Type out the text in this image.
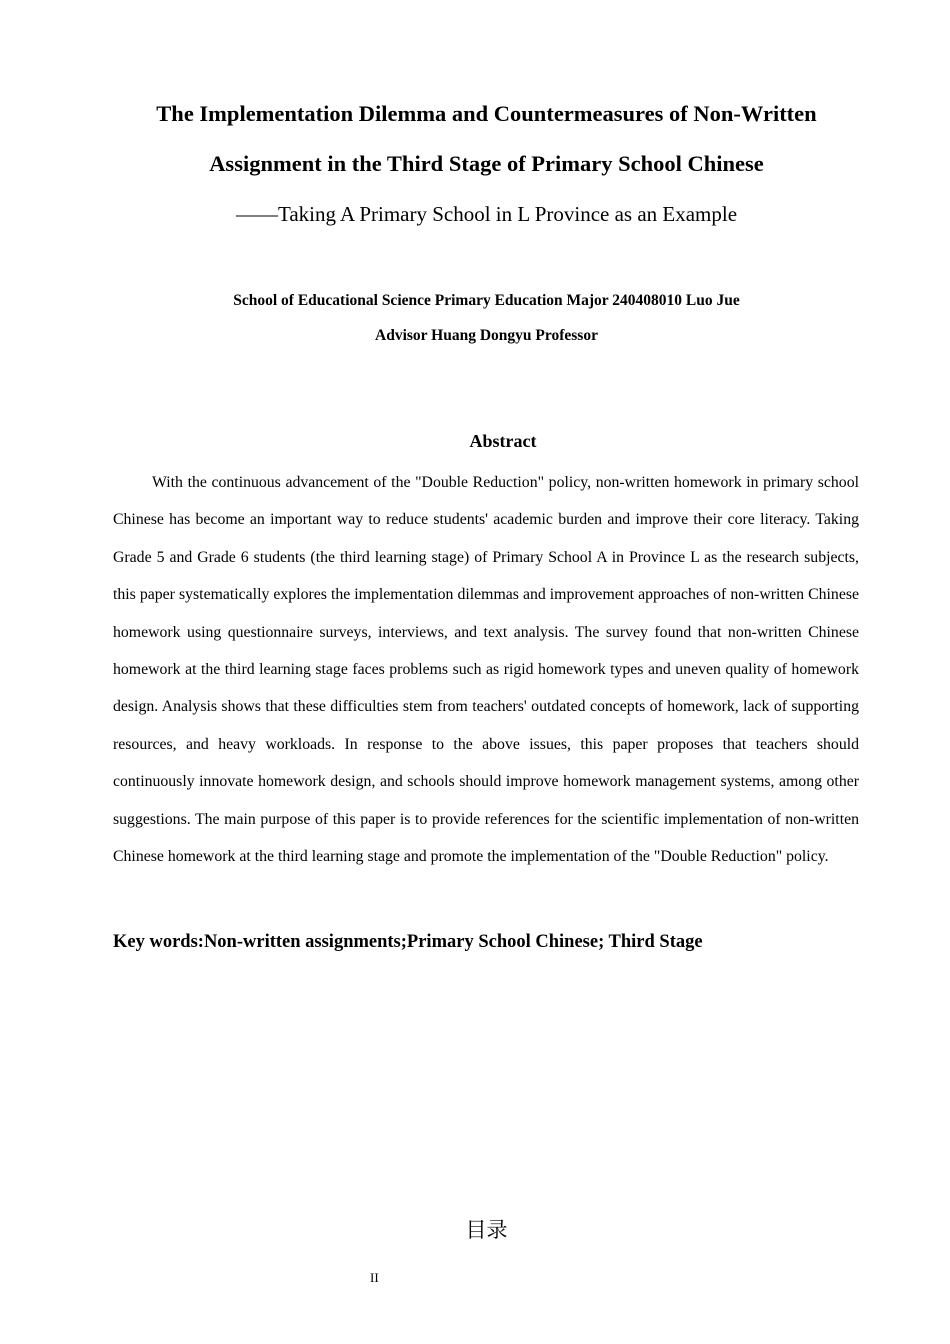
The Implementation Dilemma and Countermeasures of Non-Written
Assignment in the Third Stage of Primary School Chinese
——Taking A Primary School in L Province as an Example
School of Educational Science Primary Education Major 240408010 Luo Jue
Advisor Huang Dongyu Professor
Abstract

With the continuous advancement of the "Double Reduction" policy, non-written homework in primary school Chinese has become an important way to reduce students' academic burden and improve their core literacy. Taking Grade 5 and Grade 6 students (the third learning stage) of Primary School A in Province L as the research subjects, this paper systematically explores the implementation dilemmas and improvement approaches of non-written Chinese homework using questionnaire surveys, interviews, and text analysis. The survey found that non-written Chinese homework at the third learning stage faces problems such as rigid homework types and uneven quality of homework design. Analysis shows that these difficulties stem from teachers' outdated concepts of homework, lack of supporting resources, and heavy workloads. In response to the above issues, this paper proposes that teachers should continuously innovate homework design, and schools should improve homework management systems, among other suggestions. The main purpose of this paper is to provide references for the scientific implementation of non-written Chinese homework at the third learning stage and promote the implementation of the "Double Reduction" policy.

Key words:Non-written assignments;Primary School Chinese; Third Stage
目录
II
